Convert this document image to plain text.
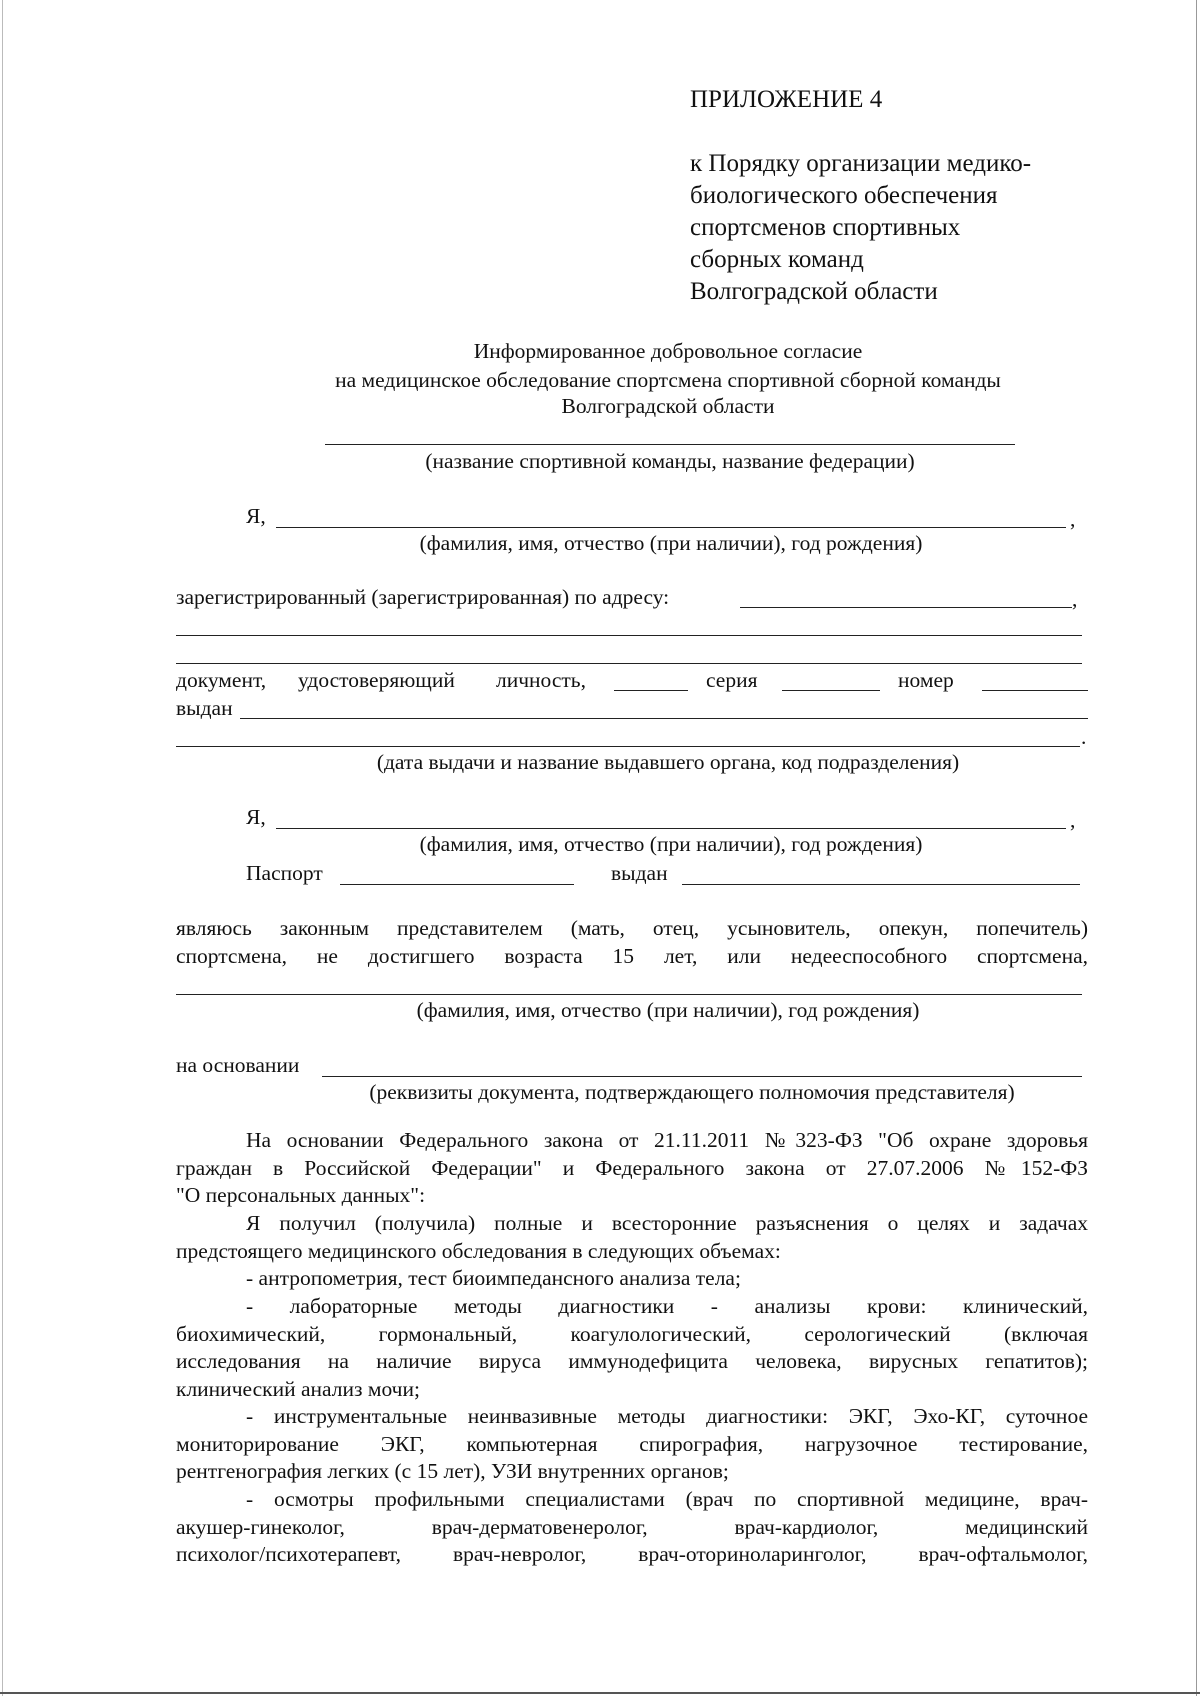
ПРИЛОЖЕНИЕ 4
к Порядку организации медико-
биологического обеспечения
спортсменов спортивных
сборных команд
Волгоградской области
Информированное добровольное согласие
на медицинское обследование спортсмена спортивной сборной команды
Волгоградской области
(название спортивной команды, название федерации)
Я,	,
(фамилия, имя, отчество (при наличии), год рождения)
зарегистрированный (зарегистрированная) по адресу:	,
документ, удостоверяющий личность,	серия	номер
выдан
.
(дата выдачи и название выдавшего органа, код подразделения)
Я,	,
(фамилия, имя, отчество (при наличии), год рождения)
Паспорт	выдан
являюсь законным представителем (мать, отец, усыновитель, опекун, попечитель)
спортсмена, не достигшего возраста 15 лет, или недееспособного спортсмена,
(фамилия, имя, отчество (при наличии), год рождения)
на основании
(реквизиты документа, подтверждающего полномочия представителя)
На основании Федерального закона от 21.11.2011 №323-ФЗ "Об охране здоровья
граждан в Российской Федерации" и Федерального закона от 27.07.2006 №152-ФЗ
"О персональных данных":
Я получил (получила) полные и всесторонние разъяснения о целях и задачах
предстоящего медицинского обследования в следующих объемах:
- антропометрия, тест биоимпедансного анализа тела;
- лабораторные методы диагностики - анализы крови: клинический,
биохимический, гормональный, коагулологический, серологический (включая
исследования на наличие вируса иммунодефицита человека, вирусных гепатитов);
клинический анализ мочи;
- инструментальные неинвазивные методы диагностики: ЭКГ, Эхо-КГ, суточное
мониторирование ЭКГ, компьютерная спирография, нагрузочное тестирование,
рентгенография легких (с 15 лет), УЗИ внутренних органов;
- осмотры профильными специалистами (врач по спортивной медицине, врач-
акушер-гинеколог, врач-дерматовенеролог, врач-кардиолог, медицинский
психолог/психотерапевт, врач-невролог, врач-оториноларинголог, врач-офтальмолог,
